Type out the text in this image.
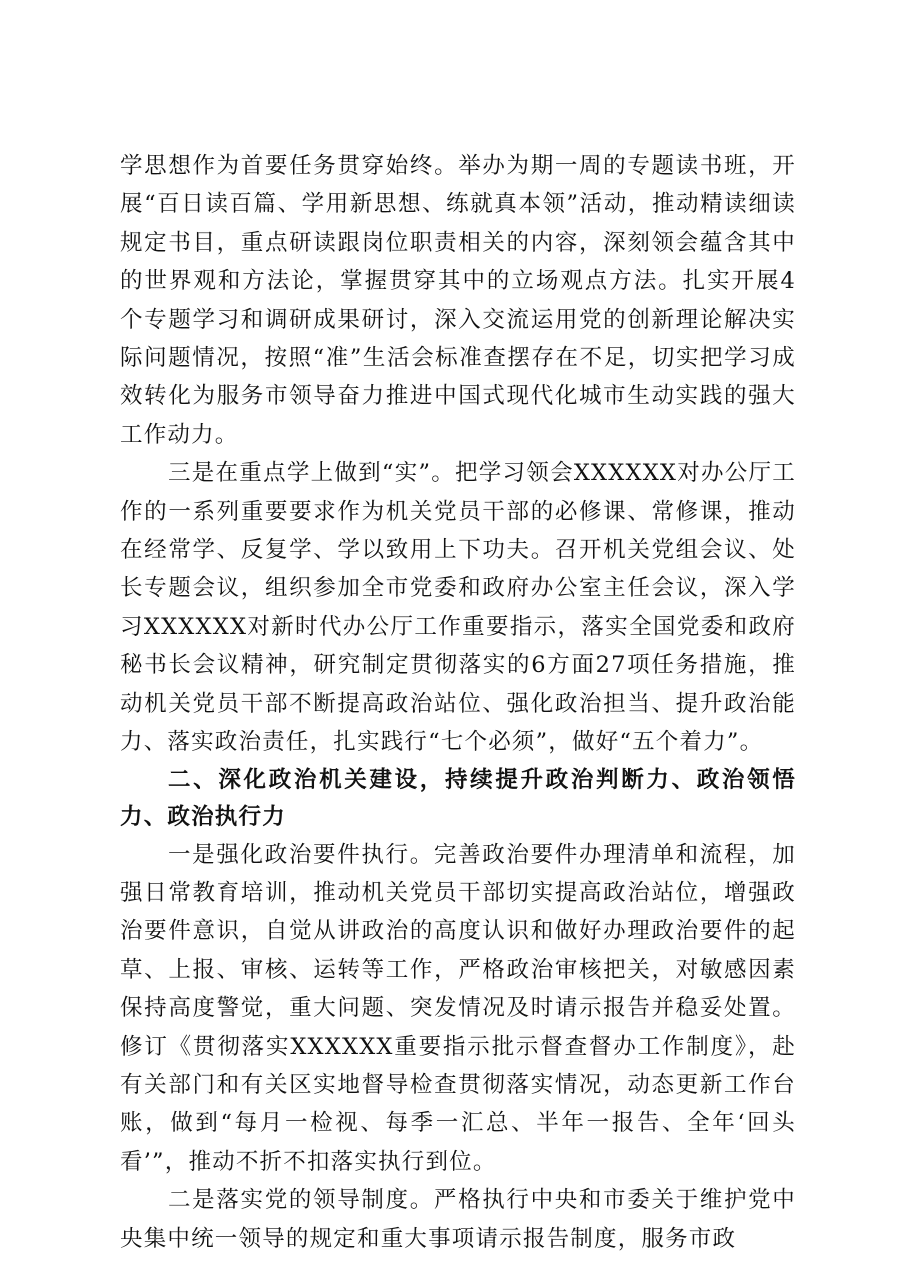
学思想作为首要任务贯穿始终。举办为期一周的专题读书班，开展“百日读百篇、学用新思想、练就真本领”活动，推动精读细读规定书目，重点研读跟岗位职责相关的内容，深刻领会蕴含其中的世界观和方法论，掌握贯穿其中的立场观点方法。扎实开展4个专题学习和调研成果研讨，深入交流运用党的创新理论解决实际问题情况，按照“准”生活会标准查摆存在不足，切实把学习成效转化为服务市领导奋力推进中国式现代化城市生动实践的强大工作动力。

三是在重点学上做到“实”。把学习领会XXXXXX对办公厅工作的一系列重要要求作为机关党员干部的必修课、常修课，推动在经常学、反复学、学以致用上下功夫。召开机关党组会议、处长专题会议，组织参加全市党委和政府办公室主任会议，深入学习XXXXXX对新时代办公厅工作重要指示，落实全国党委和政府秘书长会议精神，研究制定贯彻落实的6方面27项任务措施，推动机关党员干部不断提高政治站位、强化政治担当、提升政治能力、落实政治责任，扎实践行“七个必须”，做好“五个着力”。

二、深化政治机关建设，持续提升政治判断力、政治领悟力、政治执行力

一是强化政治要件执行。完善政治要件办理清单和流程，加强日常教育培训，推动机关党员干部切实提高政治站位，增强政治要件意识，自觉从讲政治的高度认识和做好办理政治要件的起草、上报、审核、运转等工作，严格政治审核把关，对敏感因素保持高度警觉，重大问题、突发情况及时请示报告并稳妥处置。修订《贯彻落实XXXXXX重要指示批示督查督办工作制度》，赴有关部门和有关区实地督导检查贯彻落实情况，动态更新工作台账，做到“每月一检视、每季一汇总、半年一报告、全年‘回头看’”，推动不折不扣落实执行到位。

二是落实党的领导制度。严格执行中央和市委关于维护党中央集中统一领导的规定和重大事项请示报告制度，服务市政
